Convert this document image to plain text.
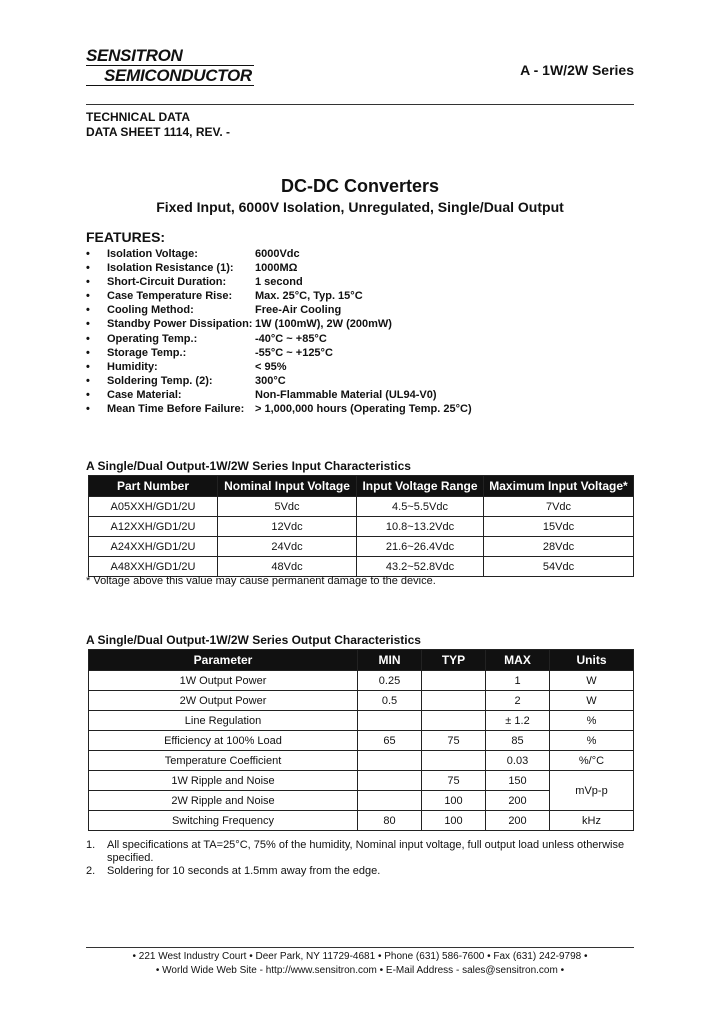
SENSITRON
SEMICONDUCTOR	A - 1W/2W Series
TECHNICAL DATA
DATA SHEET 1114, REV. -
DC-DC Converters
Fixed Input, 6000V Isolation, Unregulated, Single/Dual Output
FEATURES:
• Isolation Voltage:	6000Vdc
• Isolation Resistance (1): 1000MΩ
• Short-Circuit Duration:	1 second
• Case Temperature Rise: Max. 25°C, Typ. 15°C
• Cooling Method:	Free-Air Cooling
• Standby Power Dissipation: 1W (100mW), 2W (200mW)
• Operating Temp.:	-40°C ~ +85°C
• Storage Temp.:	-55°C ~ +125°C
• Humidity:	< 95%
• Soldering Temp. (2):	300°C
• Case Material:	Non-Flammable Material (UL94-V0)
• Mean Time Before Failure: > 1,000,000 hours (Operating Temp. 25°C)
A Single/Dual Output-1W/2W Series Input Characteristics
Part Number	Nominal Input Voltage	Input Voltage Range	Maximum Input Voltage*
A05XXH/GD1/2U	5Vdc	4.5~5.5Vdc	7Vdc
A12XXH/GD1/2U	12Vdc	10.8~13.2Vdc	15Vdc
A24XXH/GD1/2U	24Vdc	21.6~26.4Vdc	28Vdc
A48XXH/GD1/2U	48Vdc	43.2~52.8Vdc	54Vdc
* Voltage above this value may cause permanent damage to the device.
A Single/Dual Output-1W/2W Series Output Characteristics
Parameter	MIN	TYP	MAX	Units
1W Output Power	0.25		1	W
2W Output Power	0.5		2	W
Line Regulation			± 1.2	%
Efficiency at 100% Load	65	75	85	%
Temperature Coefficient			0.03	%/°C
1W Ripple and Noise		75	150	mVp-p
2W Ripple and Noise		100	200	
Switching Frequency	80	100	200	kHz
1. All specifications at TA=25°C, 75% of the humidity, Nominal input voltage, full output load unless otherwise specified.
2. Soldering for 10 seconds at 1.5mm away from the edge.
• 221 West Industry Court • Deer Park, NY 11729-4681 • Phone (631) 586-7600 • Fax (631) 242-9798 •
• World Wide Web Site - http://www.sensitron.com • E-Mail Address - sales@sensitron.com •
